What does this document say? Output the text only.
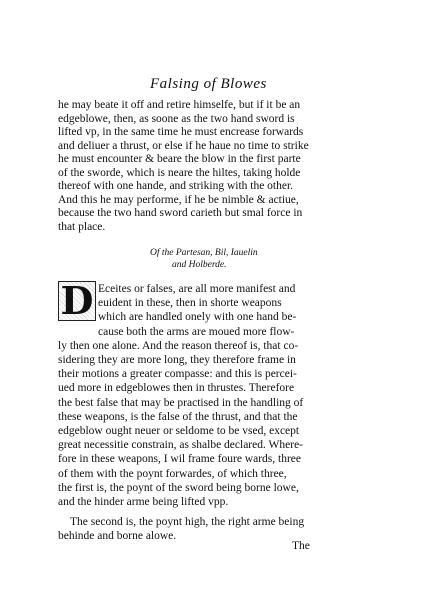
Falsing of Blowes
he may beate it off and retire himselfe, but if it be an
edgeblowe, then, as soone as the two hand sword is
lifted vp, in the same time he must encrease forwards
and deliuer a thrust, or else if he haue no time to strike
he must encounter & beare the blow in the first parte
of the sworde, which is neare the hiltes, taking holde
thereof with one hande, and striking with the other.
And this he may performe, if he be nimble & actiue,
because the two hand sword carieth but smal force in
that place.
Of the Partesan, Bil, Iauelin
and Holberde.
D Eceites or falses, are all more manifest and
euident in these, then in shorte weapons
which are handled onely with one hand be-
cause both the arms are moued more flow-
ly then one alone. And the reason thereof is, that co-
sidering they are more long, they therefore frame in
their motions a greater compasse: and this is percei-
ued more in edgeblowes then in thrustes. Therefore
the best false that may be practised in the handling of
these weapons, is the false of the thrust, and that the
edgeblow ought neuer or seldome to be vsed, except
great necessitie constrain, as shalbe declared. Where-
fore in these weapons, I wil frame foure wards, three
of them with the poynt forwardes, of which three,
the first is, the poynt of the sword being borne lowe,
and the hinder arme being lifted vpp.
The second is, the poynt high, the right arme being
behinde and borne alowe.
The
